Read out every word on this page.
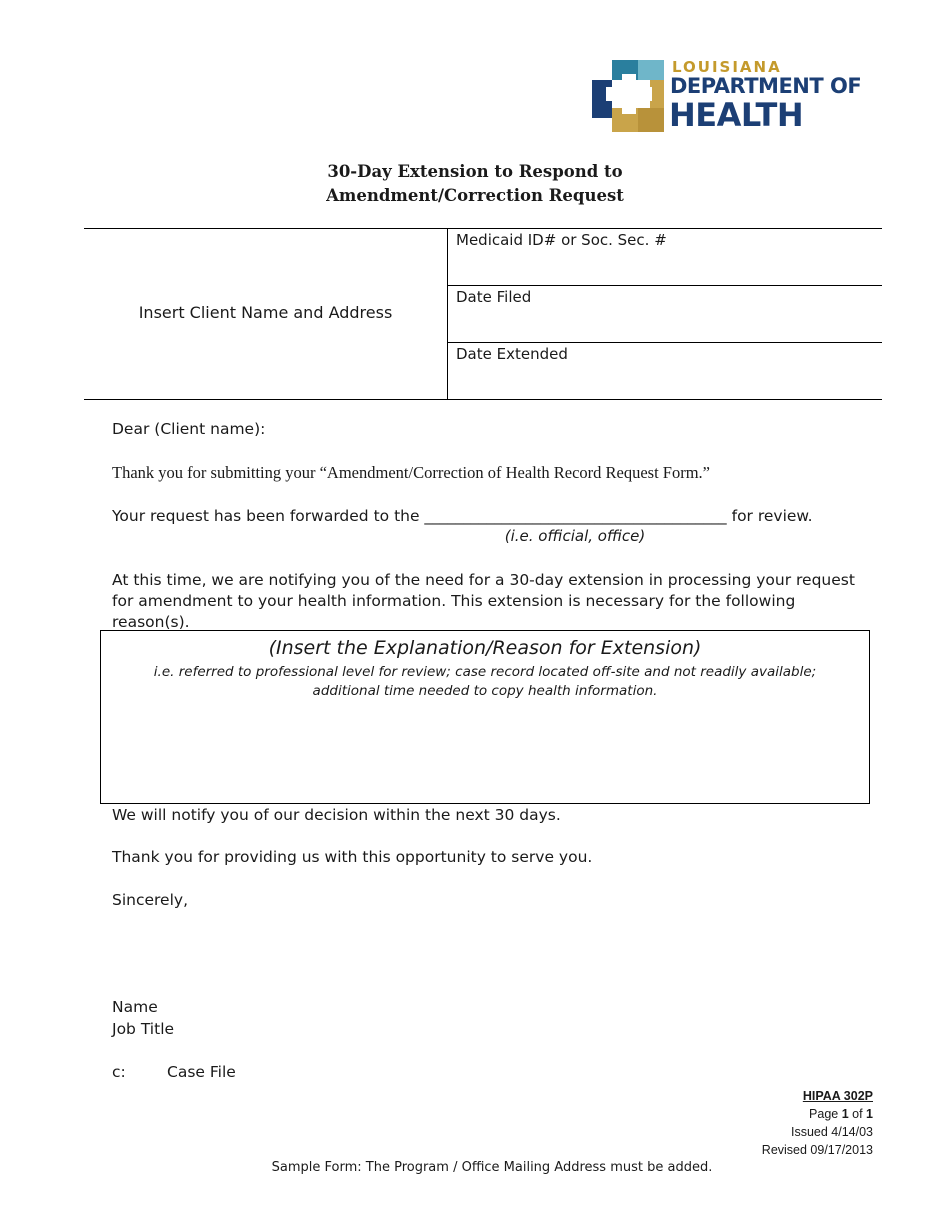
LOUISIANA
DEPARTMENT OF
HEALTH
30-Day Extension to Respond to
Amendment/Correction Request
Insert Client Name and Address
Medicaid ID# or Soc. Sec. #
Date Filed
Date Extended
Dear (Client name):
Thank you for submitting your “Amendment/Correction of Health Record Request Form.”
Your request has been forwarded to the _______________________________________ for review.
(i.e. official, office)
At this time, we are notifying you of the need for a 30-day extension in processing your request for amendment to your health information. This extension is necessary for the following reason(s).
(Insert the Explanation/Reason for Extension)
i.e. referred to professional level for review; case record located off-site and not readily available;
additional time needed to copy health information.
We will notify you of our decision within the next 30 days.
Thank you for providing us with this opportunity to serve you.
Sincerely,
Name
Job Title
c:	Case File
HIPAA 302P
Page 1 of 1
Issued 4/14/03
Revised 09/17/2013
Sample Form: The Program / Office Mailing Address must be added.
